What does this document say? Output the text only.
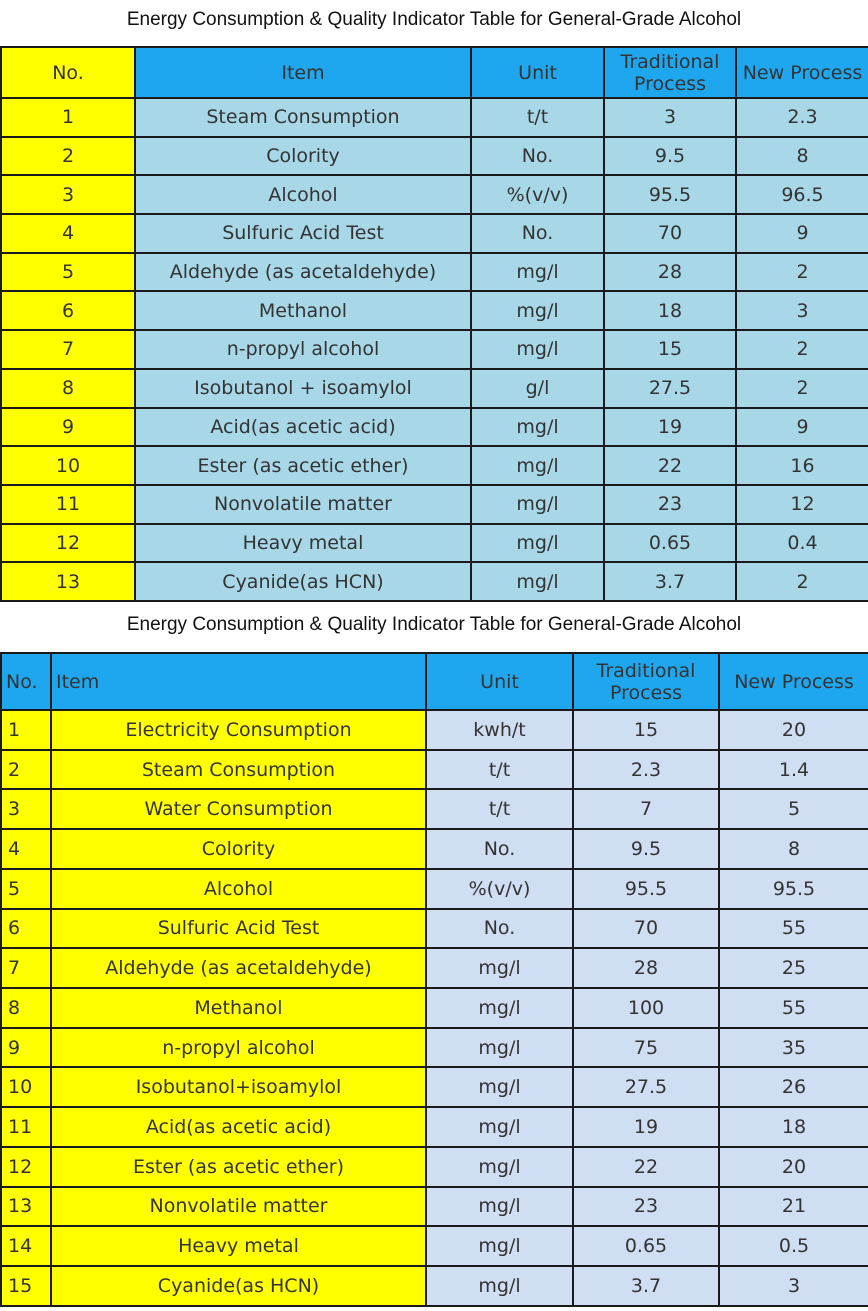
Energy Consumption & Quality Indicator Table for General-Grade Alcohol
No.	Item	Unit	Traditional Process	New Process
1	Steam Consumption	t/t	3	2.3
2	Colority	No.	9.5	8
3	Alcohol	%(v/v)	95.5	96.5
4	Sulfuric Acid Test	No.	70	9
5	Aldehyde (as acetaldehyde)	mg/l	28	2
6	Methanol	mg/l	18	3
7	n-propyl alcohol	mg/l	15	2
8	Isobutanol + isoamylol	g/l	27.5	2
9	Acid(as acetic acid)	mg/l	19	9
10	Ester (as acetic ether)	mg/l	22	16
11	Nonvolatile matter	mg/l	23	12
12	Heavy metal	mg/l	0.65	0.4
13	Cyanide(as HCN)	mg/l	3.7	2
Energy Consumption & Quality Indicator Table for General-Grade Alcohol
No.	Item	Unit	Traditional Process	New Process
1	Electricity Consumption	kwh/t	15	20
2	Steam Consumption	t/t	2.3	1.4
3	Water Consumption	t/t	7	5
4	Colority	No.	9.5	8
5	Alcohol	%(v/v)	95.5	95.5
6	Sulfuric Acid Test	No.	70	55
7	Aldehyde (as acetaldehyde)	mg/l	28	25
8	Methanol	mg/l	100	55
9	n-propyl alcohol	mg/l	75	35
10	Isobutanol+isoamylol	mg/l	27.5	26
11	Acid(as acetic acid)	mg/l	19	18
12	Ester (as acetic ether)	mg/l	22	20
13	Nonvolatile matter	mg/l	23	21
14	Heavy metal	mg/l	0.65	0.5
15	Cyanide(as HCN)	mg/l	3.7	3
